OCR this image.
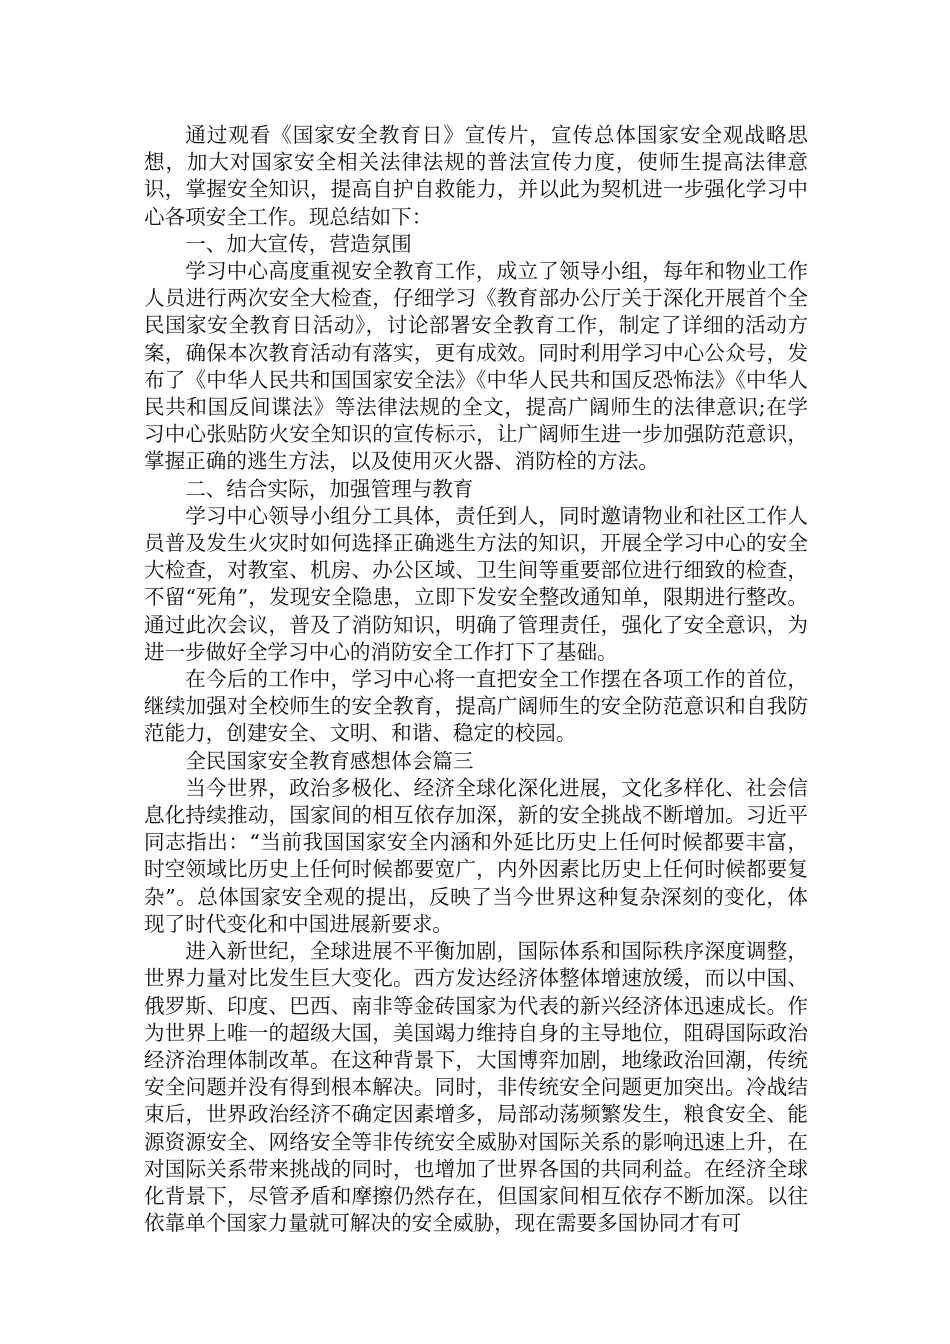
通过观看《国家安全教育日》宣传片，宣传总体国家安全观战略思想，加大对国家安全相关法律法规的普法宣传力度，使师生提高法律意识，掌握安全知识，提高自护自救能力，并以此为契机进一步强化学习中心各项安全工作。现总结如下：

一、加大宣传，营造氛围

学习中心高度重视安全教育工作，成立了领导小组，每年和物业工作人员进行两次安全大检查，仔细学习《教育部办公厅关于深化开展首个全民国家安全教育日活动》，讨论部署安全教育工作，制定了详细的活动方案，确保本次教育活动有落实，更有成效。同时利用学习中心公众号，发布了《中华人民共和国国家安全法》《中华人民共和国反恐怖法》《中华人民共和国反间谍法》等法律法规的全文，提高广阔师生的法律意识;在学习中心张贴防火安全知识的宣传标示，让广阔师生进一步加强防范意识，掌握正确的逃生方法，以及使用灭火器、消防栓的方法。

二、结合实际，加强管理与教育

学习中心领导小组分工具体，责任到人，同时邀请物业和社区工作人员普及发生火灾时如何选择正确逃生方法的知识，开展全学习中心的安全大检查，对教室、机房、办公区域、卫生间等重要部位进行细致的检查，不留“死角”，发现安全隐患，立即下发安全整改通知单，限期进行整改。通过此次会议，普及了消防知识，明确了管理责任，强化了安全意识，为进一步做好全学习中心的消防安全工作打下了基础。

在今后的工作中，学习中心将一直把安全工作摆在各项工作的首位，继续加强对全校师生的安全教育，提高广阔师生的安全防范意识和自我防范能力，创建安全、文明、和谐、稳定的校园。

全民国家安全教育感想体会篇三

当今世界，政治多极化、经济全球化深化进展，文化多样化、社会信息化持续推动，国家间的相互依存加深，新的安全挑战不断增加。习近平同志指出：“当前我国国家安全内涵和外延比历史上任何时候都要丰富，时空领域比历史上任何时候都要宽广，内外因素比历史上任何时候都要复杂”。总体国家安全观的提出，反映了当今世界这种复杂深刻的变化，体现了时代变化和中国进展新要求。

进入新世纪，全球进展不平衡加剧，国际体系和国际秩序深度调整，世界力量对比发生巨大变化。西方发达经济体整体增速放缓，而以中国、俄罗斯、印度、巴西、南非等金砖国家为代表的新兴经济体迅速成长。作为世界上唯一的超级大国，美国竭力维持自身的主导地位，阻碍国际政治经济治理体制改革。在这种背景下，大国博弈加剧，地缘政治回潮，传统安全问题并没有得到根本解决。同时，非传统安全问题更加突出。冷战结束后，世界政治经济不确定因素增多，局部动荡频繁发生，粮食安全、能源资源安全、网络安全等非传统安全威胁对国际关系的影响迅速上升，在对国际关系带来挑战的同时，也增加了世界各国的共同利益。在经济全球化背景下，尽管矛盾和摩擦仍然存在，但国家间相互依存不断加深。以往依靠单个国家力量就可解决的安全威胁，现在需要多国协同才有可
